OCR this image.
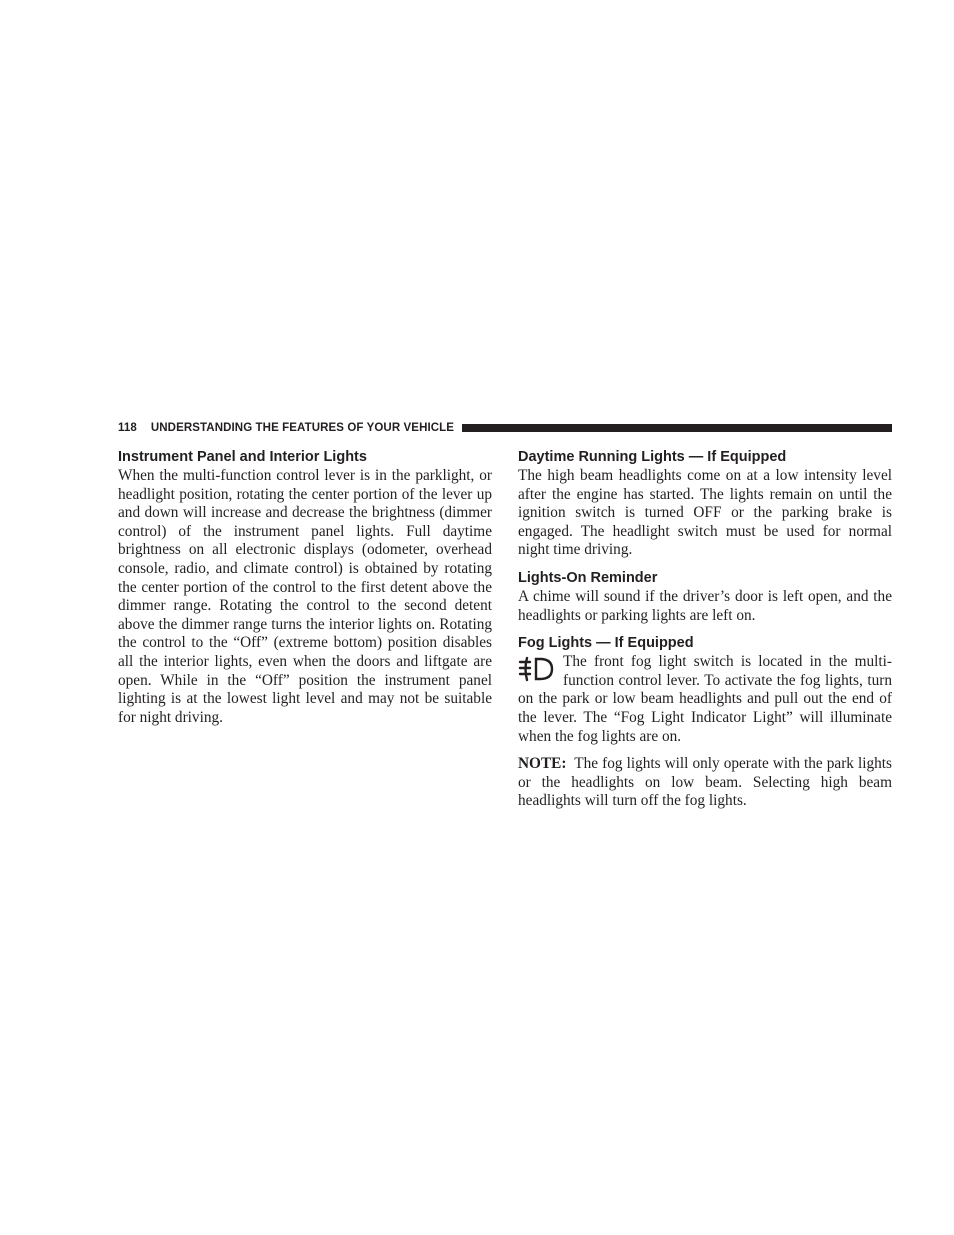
118 UNDERSTANDING THE FEATURES OF YOUR VEHICLE
Instrument Panel and Interior Lights

When the multi-function control lever is in the parklight, or headlight position, rotating the center portion of the lever up and down will increase and decrease the brightness (dimmer control) of the instrument panel lights. Full daytime brightness on all electronic displays (odometer, overhead console, radio, and climate control) is obtained by rotating the center portion of the control to the first detent above the dimmer range. Rotating the control to the second detent above the dimmer range turns the interior lights on. Rotating the control to the “Off” (extreme bottom) position disables all the interior lights, even when the doors and liftgate are open. While in the “Off” position the instrument panel lighting is at the lowest light level and may not be suitable for night driving.

Daytime Running Lights — If Equipped

The high beam headlights come on at a low intensity level after the engine has started. The lights remain on until the ignition switch is turned OFF or the parking brake is engaged. The headlight switch must be used for normal night time driving.

Lights-On Reminder

A chime will sound if the driver’s door is left open, and the headlights or parking lights are left on.

Fog Lights — If Equipped

The front fog light switch is located in the multifunction control lever. To activate the fog lights, turn on the park or low beam headlights and pull out the end of the lever. The “Fog Light Indicator Light” will illuminate when the fog lights are on.

NOTE: The fog lights will only operate with the park lights or the headlights on low beam. Selecting high beam headlights will turn off the fog lights.
